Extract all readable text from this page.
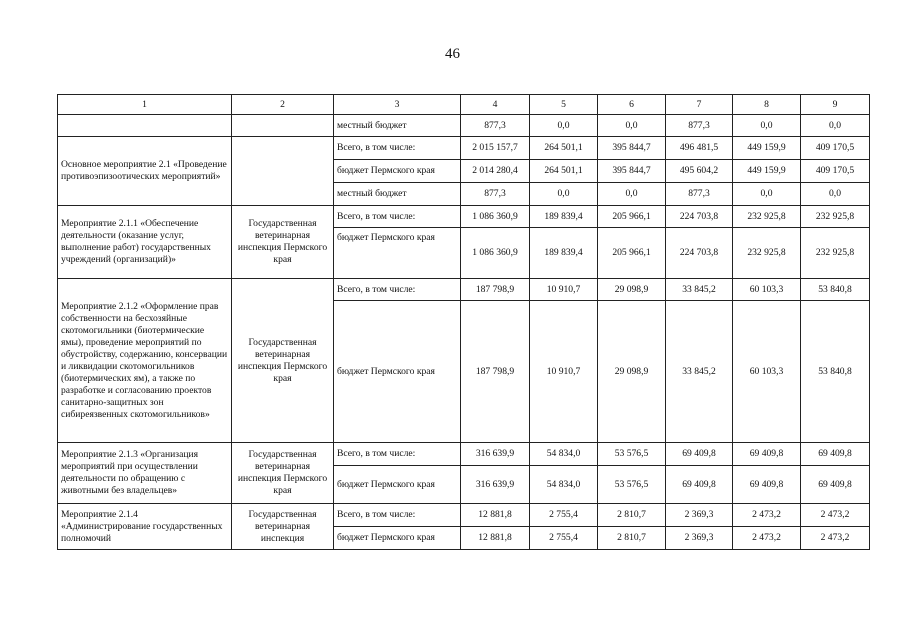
46
1	2	3	4	5	6	7	8	9
		местный бюджет	877,3	0,0	0,0	877,3	0,0	0,0
Основное мероприятие 2.1 «Проведение противоэпизоотических мероприятий»		Всего, в том числе:	2 015 157,7	264 501,1	395 844,7	496 481,5	449 159,9	409 170,5
		бюджет Пермского края	2 014 280,4	264 501,1	395 844,7	495 604,2	449 159,9	409 170,5
		местный бюджет	877,3	0,0	0,0	877,3	0,0	0,0
Мероприятие 2.1.1 «Обеспечение деятельности (оказание услуг, выполнение работ) государственных учреждений (организаций)»	Государственная ветеринарная инспекция Пермского края	Всего, в том числе:	1 086 360,9	189 839,4	205 966,1	224 703,8	232 925,8	232 925,8
		бюджет Пермского края	1 086 360,9	189 839,4	205 966,1	224 703,8	232 925,8	232 925,8
Мероприятие 2.1.2 «Оформление прав собственности на бесхозяйные скотомогильники (биотермические ямы), проведение мероприятий по обустройству, содержанию, консервации и ликвидации скотомогильников (биотермических ям), а также по разработке и согласованию проектов санитарно-защитных зон сибиреязвенных скотомогильников»	Государственная ветеринарная инспекция Пермского края	Всего, в том числе:	187 798,9	10 910,7	29 098,9	33 845,2	60 103,3	53 840,8
		бюджет Пермского края	187 798,9	10 910,7	29 098,9	33 845,2	60 103,3	53 840,8
Мероприятие 2.1.3 «Организация мероприятий при осуществлении деятельности по обращению с животными без владельцев»	Государственная ветеринарная инспекция Пермского края	Всего, в том числе:	316 639,9	54 834,0	53 576,5	69 409,8	69 409,8	69 409,8
		бюджет Пермского края	316 639,9	54 834,0	53 576,5	69 409,8	69 409,8	69 409,8
Мероприятие 2.1.4 «Администрирование государственных полномочий	Государственная ветеринарная инспекция	Всего, в том числе:	12 881,8	2 755,4	2 810,7	2 369,3	2 473,2	2 473,2
		бюджет Пермского края	12 881,8	2 755,4	2 810,7	2 369,3	2 473,2	2 473,2
